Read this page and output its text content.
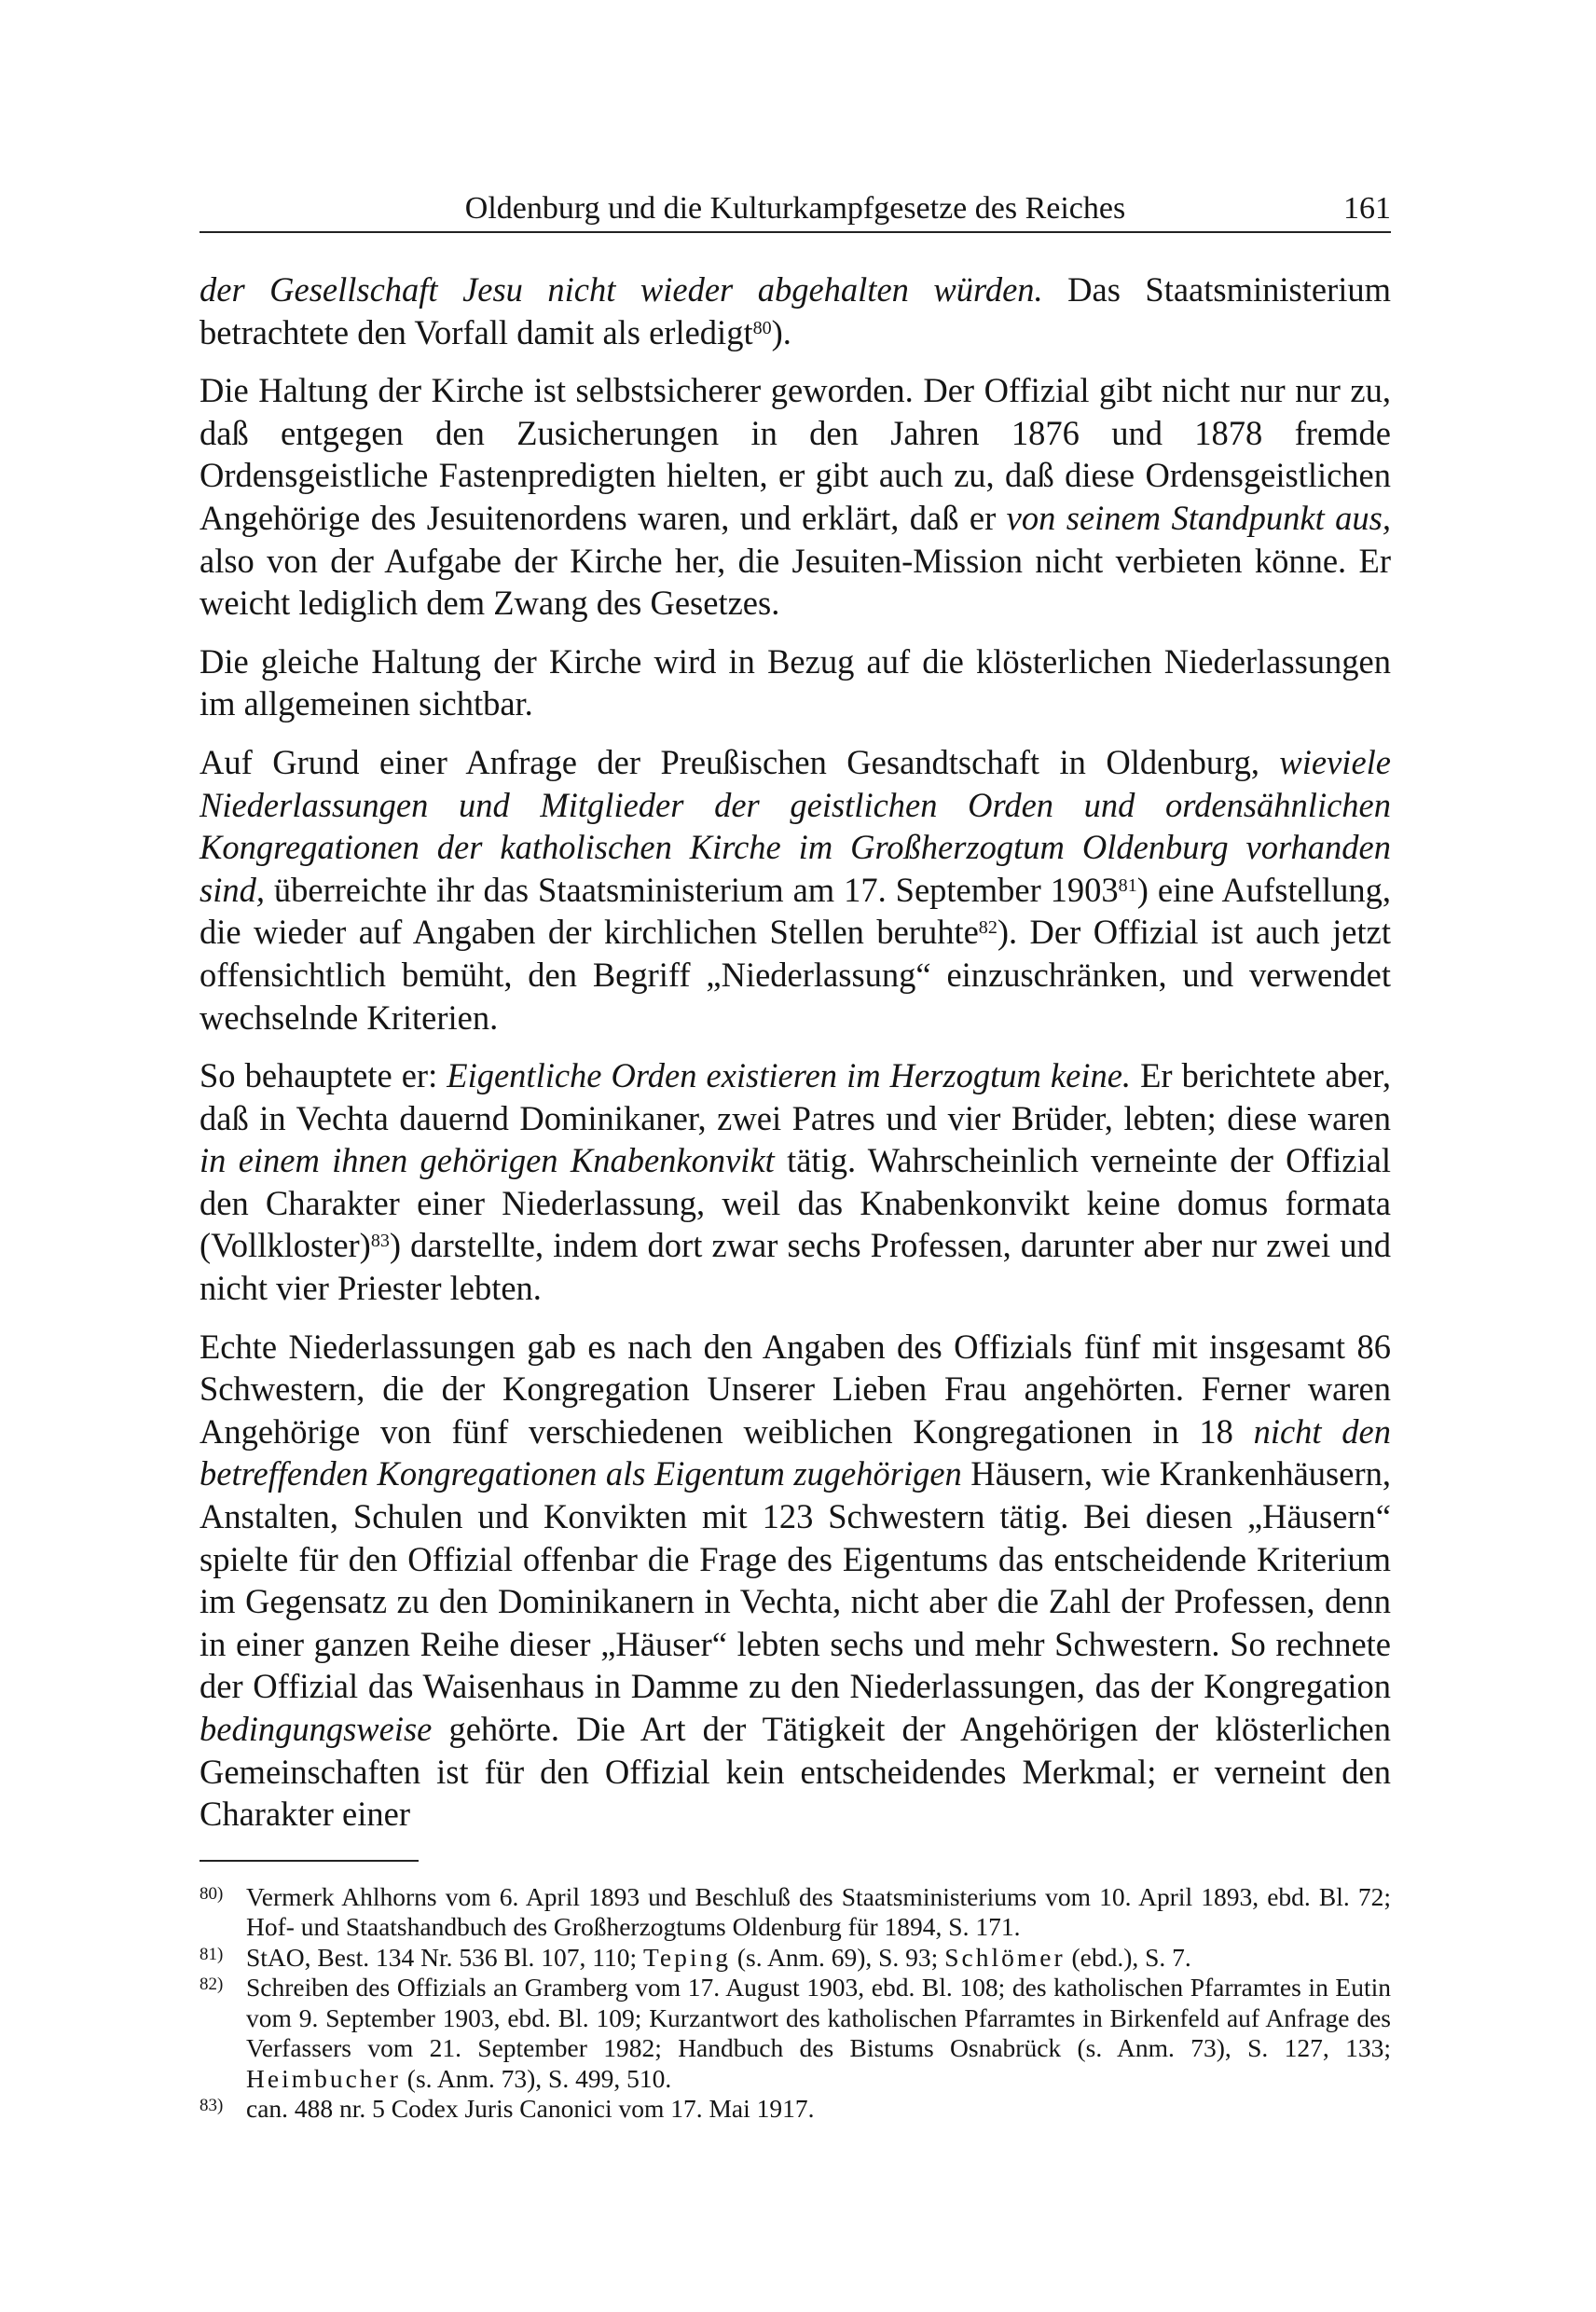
Oldenburg und die Kulturkampfgesetze des Reiches	161

der Gesellschaft Jesu nicht wieder abgehalten würden. Das Staatsministerium betrachtete den Vorfall damit als erledigt$^{80}$).

Die Haltung der Kirche ist selbstsicherer geworden. Der Offizial gibt nicht nur nur zu, daß entgegen den Zusicherungen in den Jahren 1876 und 1878 fremde Ordensgeistliche Fastenpredigten hielten, er gibt auch zu, daß diese Ordensgeistlichen Angehörige des Jesuitenordens waren, und erklärt, daß er von seinem Standpunkt aus, also von der Aufgabe der Kirche her, die Jesuiten-Mission nicht verbieten könne. Er weicht lediglich dem Zwang des Gesetzes.

Die gleiche Haltung der Kirche wird in Bezug auf die klösterlichen Niederlassungen im allgemeinen sichtbar.

Auf Grund einer Anfrage der Preußischen Gesandtschaft in Oldenburg, wieviele Niederlassungen und Mitglieder der geistlichen Orden und ordensähnlichen Kongregationen der katholischen Kirche im Großherzogtum Oldenburg vorhanden sind, überreichte ihr das Staatsministerium am 17. September 1903$^{81}$) eine Aufstellung, die wieder auf Angaben der kirchlichen Stellen beruhte$^{82}$). Der Offizial ist auch jetzt offensichtlich bemüht, den Begriff „Niederlassung“ einzuschränken, und verwendet wechselnde Kriterien.

So behauptete er: Eigentliche Orden existieren im Herzogtum keine. Er berichtete aber, daß in Vechta dauernd Dominikaner, zwei Patres und vier Brüder, lebten; diese waren in einem ihnen gehörigen Knabenkonvikt tätig. Wahrscheinlich verneinte der Offizial den Charakter einer Niederlassung, weil das Knabenkonvikt keine domus formata (Vollkloster)$^{83}$) darstellte, indem dort zwar sechs Professen, darunter aber nur zwei und nicht vier Priester lebten.

Echte Niederlassungen gab es nach den Angaben des Offizials fünf mit insgesamt 86 Schwestern, die der Kongregation Unserer Lieben Frau angehörten. Ferner waren Angehörige von fünf verschiedenen weiblichen Kongregationen in 18 nicht den betreffenden Kongregationen als Eigentum zugehörigen Häusern, wie Krankenhäusern, Anstalten, Schulen und Konvikten mit 123 Schwestern tätig. Bei diesen „Häusern“ spielte für den Offizial offenbar die Frage des Eigentums das entscheidende Kriterium im Gegensatz zu den Dominikanern in Vechta, nicht aber die Zahl der Professen, denn in einer ganzen Reihe dieser „Häuser“ lebten sechs und mehr Schwestern. So rechnete der Offizial das Waisenhaus in Damme zu den Niederlassungen, das der Kongregation bedingungsweise gehörte. Die Art der Tätigkeit der Angehörigen der klösterlichen Gemeinschaften ist für den Offizial kein entscheidendes Merkmal; er verneint den Charakter einer

80) Vermerk Ahlhorns vom 6. April 1893 und Beschluß des Staatsministeriums vom 10. April 1893, ebd. Bl. 72; Hof- und Staatshandbuch des Großherzogtums Oldenburg für 1894, S. 171.
81) StAO, Best. 134 Nr. 536 Bl. 107, 110; Teping (s. Anm. 69), S. 93; Schlömer (ebd.), S. 7.
82) Schreiben des Offizials an Gramberg vom 17. August 1903, ebd. Bl. 108; des katholischen Pfarramtes in Eutin vom 9. September 1903, ebd. Bl. 109; Kurzantwort des katholischen Pfarramtes in Birkenfeld auf Anfrage des Verfassers vom 21. September 1982; Handbuch des Bistums Osnabrück (s. Anm. 73), S. 127, 133; Heimbucher (s. Anm. 73), S. 499, 510.
83) can. 488 nr. 5 Codex Juris Canonici vom 17. Mai 1917.
